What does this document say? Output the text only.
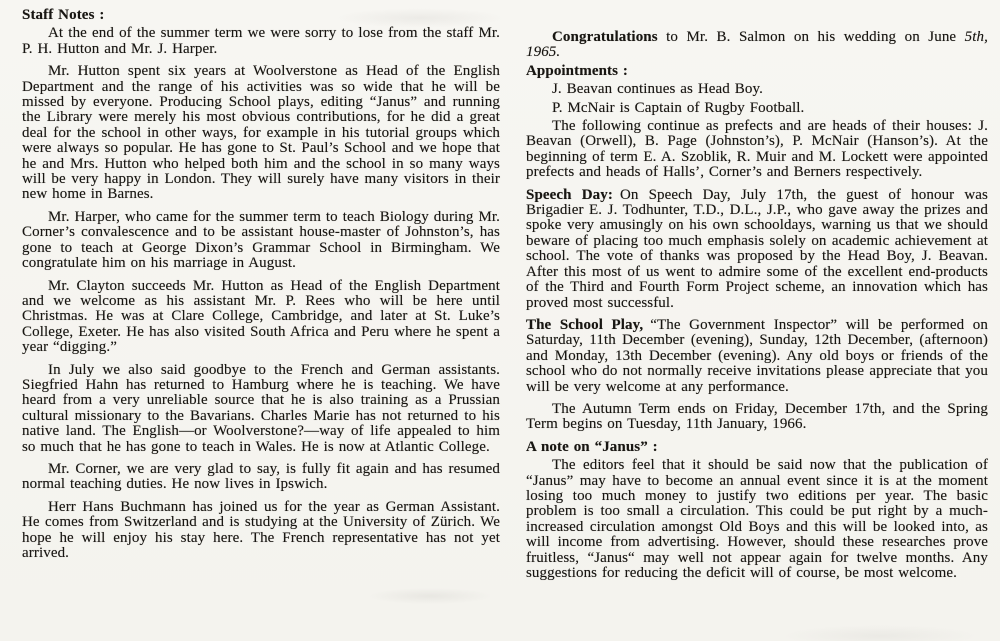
Staff Notes :

At the end of the summer term we were sorry to lose from the staff Mr. P. H. Hutton and Mr. J. Harper.

Mr. Hutton spent six years at Woolverstone as Head of the English Department and the range of his activities was so wide that he will be missed by everyone. Producing School plays, editing “Janus” and running the Library were merely his most obvious contributions, for he did a great deal for the school in other ways, for example in his tutorial groups which were always so popular. He has gone to St. Paul’s School and we hope that he and Mrs. Hutton who helped both him and the school in so many ways will be very happy in London. They will surely have many visitors in their new home in Barnes.

Mr. Harper, who came for the summer term to teach Biology during Mr. Corner’s convalescence and to be assistant house-master of Johnston’s, has gone to teach at George Dixon’s Grammar School in Birmingham. We congratulate him on his marriage in August.

Mr. Clayton succeeds Mr. Hutton as Head of the English Department and we welcome as his assistant Mr. P. Rees who will be here until Christmas. He was at Clare College, Cambridge, and later at St. Luke’s College, Exeter. He has also visited South Africa and Peru where he spent a year “digging.”

In July we also said goodbye to the French and German assistants. Siegfried Hahn has returned to Hamburg where he is teaching. We have heard from a very unreliable source that he is also training as a Prussian cultural missionary to the Bavarians. Charles Marie has not returned to his native land. The English—or Woolverstone?—way of life appealed to him so much that he has gone to teach in Wales. He is now at Atlantic College.

Mr. Corner, we are very glad to say, is fully fit again and has resumed normal teaching duties. He now lives in Ipswich.

Herr Hans Buchmann has joined us for the year as German Assistant. He comes from Switzerland and is studying at the University of Zürich. We hope he will enjoy his stay here. The French representative has not yet arrived.

Congratulations to Mr. B. Salmon on his wedding on June 5th, 1965.

Appointments :

J. Beavan continues as Head Boy.

P. McNair is Captain of Rugby Football.

The following continue as prefects and are heads of their houses: J. Beavan (Orwell), B. Page (Johnston’s), P. McNair (Hanson’s). At the beginning of term E. A. Szoblik, R. Muir and M. Lockett were appointed prefects and heads of Halls’, Corner’s and Berners respectively.

Speech Day: On Speech Day, July 17th, the guest of honour was Brigadier E. J. Todhunter, T.D., D.L., J.P., who gave away the prizes and spoke very amusingly on his own schooldays, warning us that we should beware of placing too much emphasis solely on academic achievement at school. The vote of thanks was proposed by the Head Boy, J. Beavan. After this most of us went to admire some of the excellent end-products of the Third and Fourth Form Project scheme, an innovation which has proved most successful.

The School Play, “The Government Inspector” will be performed on Saturday, 11th December (evening), Sunday, 12th December, (afternoon) and Monday, 13th December (evening). Any old boys or friends of the school who do not normally receive invitations please appreciate that you will be very welcome at any performance.

The Autumn Term ends on Friday, December 17th, and the Spring Term begins on Tuesday, 11th January, 1966.

A note on “Janus” :

The editors feel that it should be said now that the publication of “Janus” may have to become an annual event since it is at the moment losing too much money to justify two editions per year. The basic problem is too small a circulation. This could be put right by a much-increased circulation amongst Old Boys and this will be looked into, as will income from advertising. However, should these researches prove fruitless, “Janus“ may well not appear again for twelve months. Any suggestions for reducing the deficit will of course, be most welcome.
